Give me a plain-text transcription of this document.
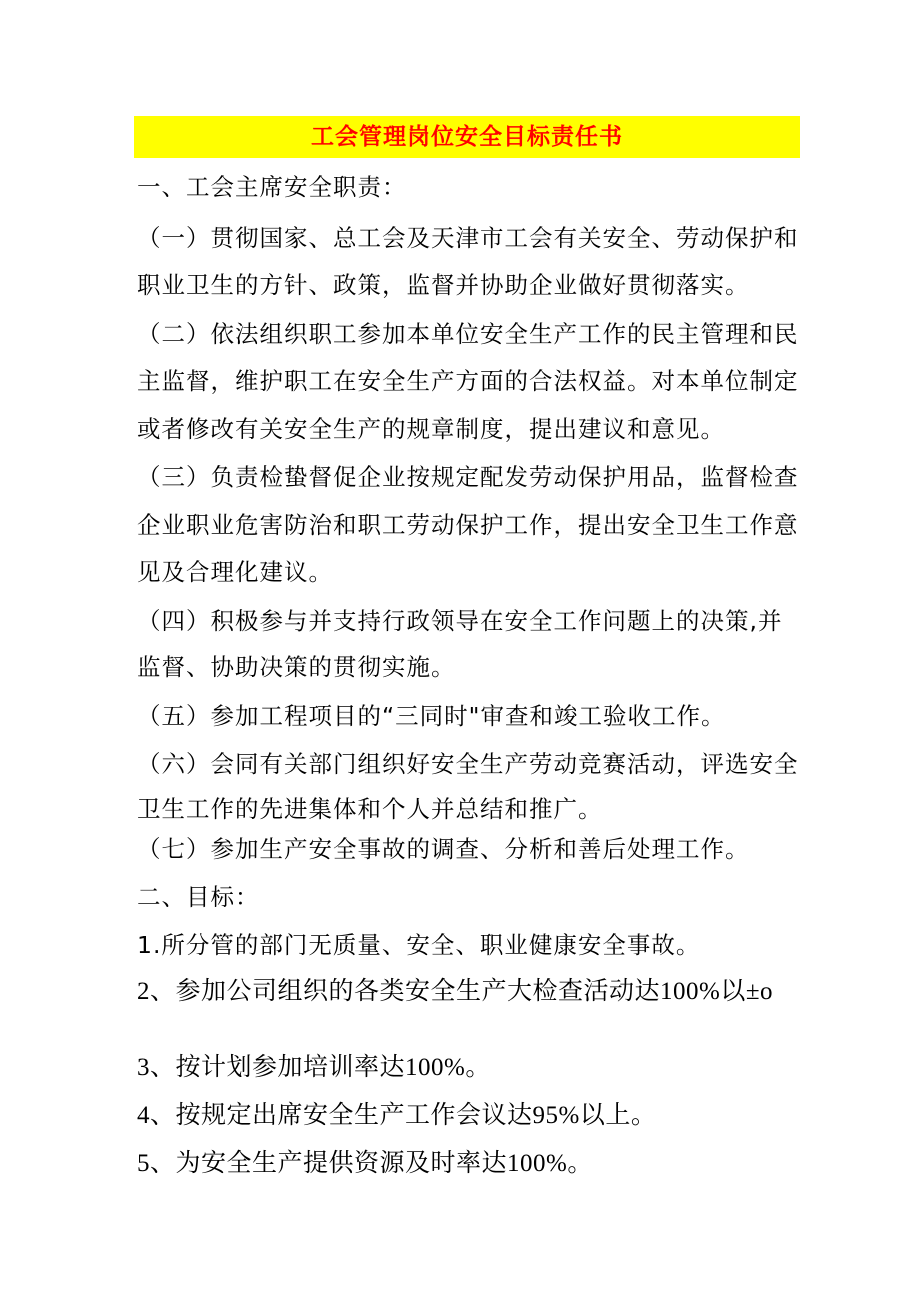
工会管理岗位安全目标责任书
一、工会主席安全职责：
（一）贯彻国家、总工会及天津市工会有关安全、劳动保护和
职业卫生的方针、政策，监督并协助企业做好贯彻落实。
（二）依法组织职工参加本单位安全生产工作的民主管理和民
主监督，维护职工在安全生产方面的合法权益。对本单位制定
或者修改有关安全生产的规章制度，提出建议和意见。
（三）负责检蛰督促企业按规定配发劳动保护用品，监督检查
企业职业危害防治和职工劳动保护工作，提出安全卫生工作意
见及合理化建议。
（四）积极参与并支持行政领导在安全工作问题上的决策,并
监督、协助决策的贯彻实施。
（五）参加工程项目的“三同时"审查和竣工验收工作。
（六）会同有关部门组织好安全生产劳动竞赛活动，评选安全
卫生工作的先进集体和个人并总结和推广。
（七）参加生产安全事故的调查、分析和善后处理工作。
二、目标：
1.所分管的部门无质量、安全、职业健康安全事故。
2、参加公司组织的各类安全生产大检查活动达100%以±o
3、按计划参加培训率达100%。
4、按规定出席安全生产工作会议达95%以上。
5、为安全生产提供资源及时率达100%。
